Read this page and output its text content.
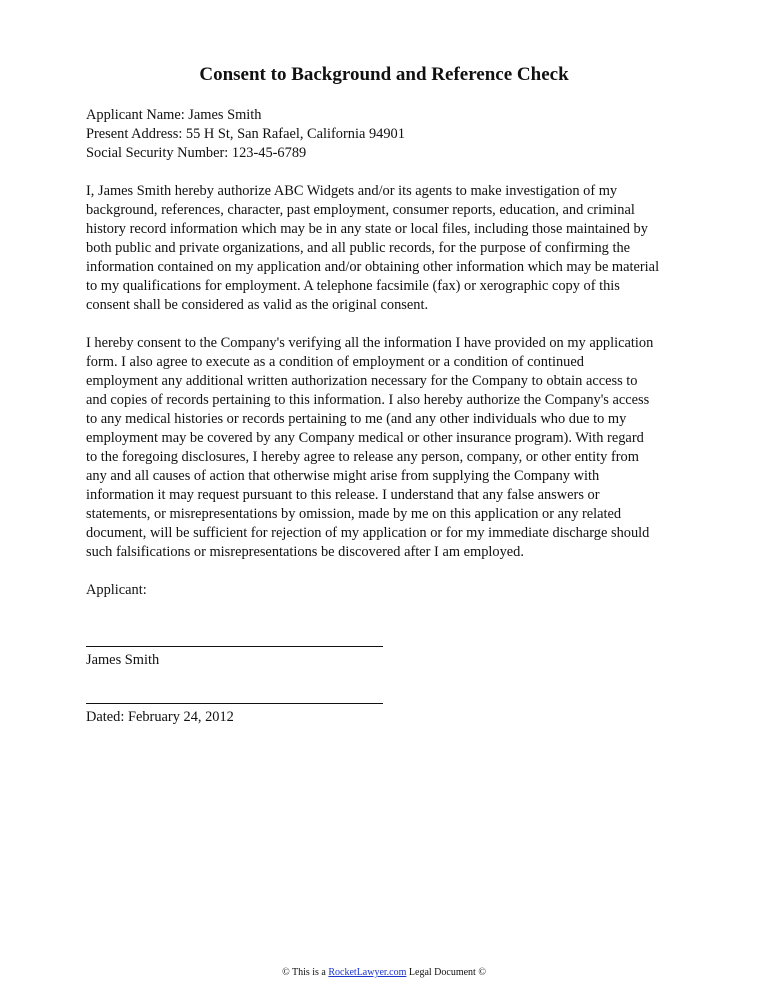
Consent to Background and Reference Check
Applicant Name: James Smith
Present Address: 55 H St, San Rafael, California 94901
Social Security Number: 123-45-6789

I, James Smith hereby authorize ABC Widgets and/or its agents to make investigation of my
background, references, character, past employment, consumer reports, education, and criminal
history record information which may be in any state or local files, including those maintained by
both public and private organizations, and all public records, for the purpose of confirming the
information contained on my application and/or obtaining other information which may be material
to my qualifications for employment. A telephone facsimile (fax) or xerographic copy of this
consent shall be considered as valid as the original consent.

I hereby consent to the Company's verifying all the information I have provided on my application
form. I also agree to execute as a condition of employment or a condition of continued
employment any additional written authorization necessary for the Company to obtain access to
and copies of records pertaining to this information. I also hereby authorize the Company's access
to any medical histories or records pertaining to me (and any other individuals who due to my
employment may be covered by any Company medical or other insurance program). With regard
to the foregoing disclosures, I hereby agree to release any person, company, or other entity from
any and all causes of action that otherwise might arise from supplying the Company with
information it may request pursuant to this release. I understand that any false answers or
statements, or misrepresentations by omission, made by me on this application or any related
document, will be sufficient for rejection of my application or for my immediate discharge should
such falsifications or misrepresentations be discovered after I am employed.

Applicant:
James Smith
Dated: February 24, 2012
© This is a RocketLawyer.com Legal Document ©
